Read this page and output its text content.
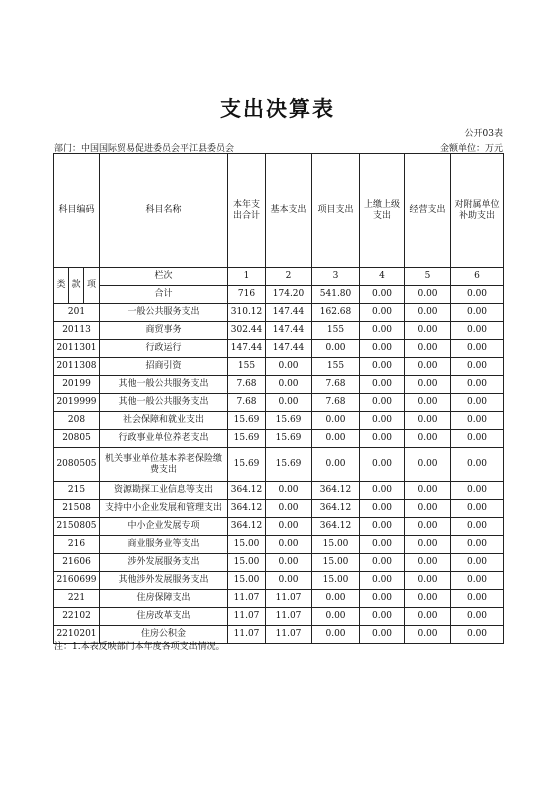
支出决算表
公开03表
部门：中国国际贸易促进委员会平江县委员会	金额单位：万元
科目编码			科目名称	本年支出合计	基本支出	项目支出	上缴上级支出	经营支出	对附属单位补助支出
类	款	项	栏次	1	2	3	4	5	6
			合计	716	174.20	541.80	0.00	0.00	0.00
201			一般公共服务支出	310.12	147.44	162.68	0.00	0.00	0.00
20113			商贸事务	302.44	147.44	155	0.00	0.00	0.00
2011301			行政运行	147.44	147.44	0.00	0.00	0.00	0.00
2011308			招商引资	155	0.00	155	0.00	0.00	0.00
20199			其他一般公共服务支出	7.68	0.00	7.68	0.00	0.00	0.00
2019999			其他一般公共服务支出	7.68	0.00	7.68	0.00	0.00	0.00
208			社会保障和就业支出	15.69	15.69	0.00	0.00	0.00	0.00
20805			行政事业单位养老支出	15.69	15.69	0.00	0.00	0.00	0.00
2080505			机关事业单位基本养老保险缴费支出	15.69	15.69	0.00	0.00	0.00	0.00
215			资源勘探工业信息等支出	364.12	0.00	364.12	0.00	0.00	0.00
21508			支持中小企业发展和管理支出	364.12	0.00	364.12	0.00	0.00	0.00
2150805			中小企业发展专项	364.12	0.00	364.12	0.00	0.00	0.00
216			商业服务业等支出	15.00	0.00	15.00	0.00	0.00	0.00
21606			涉外发展服务支出	15.00	0.00	15.00	0.00	0.00	0.00
2160699			其他涉外发展服务支出	15.00	0.00	15.00	0.00	0.00	0.00
221			住房保障支出	11.07	11.07	0.00	0.00	0.00	0.00
22102			住房改革支出	11.07	11.07	0.00	0.00	0.00	0.00
2210201			住房公积金	11.07	11.07	0.00	0.00	0.00	0.00
注：1.本表反映部门本年度各项支出情况。
